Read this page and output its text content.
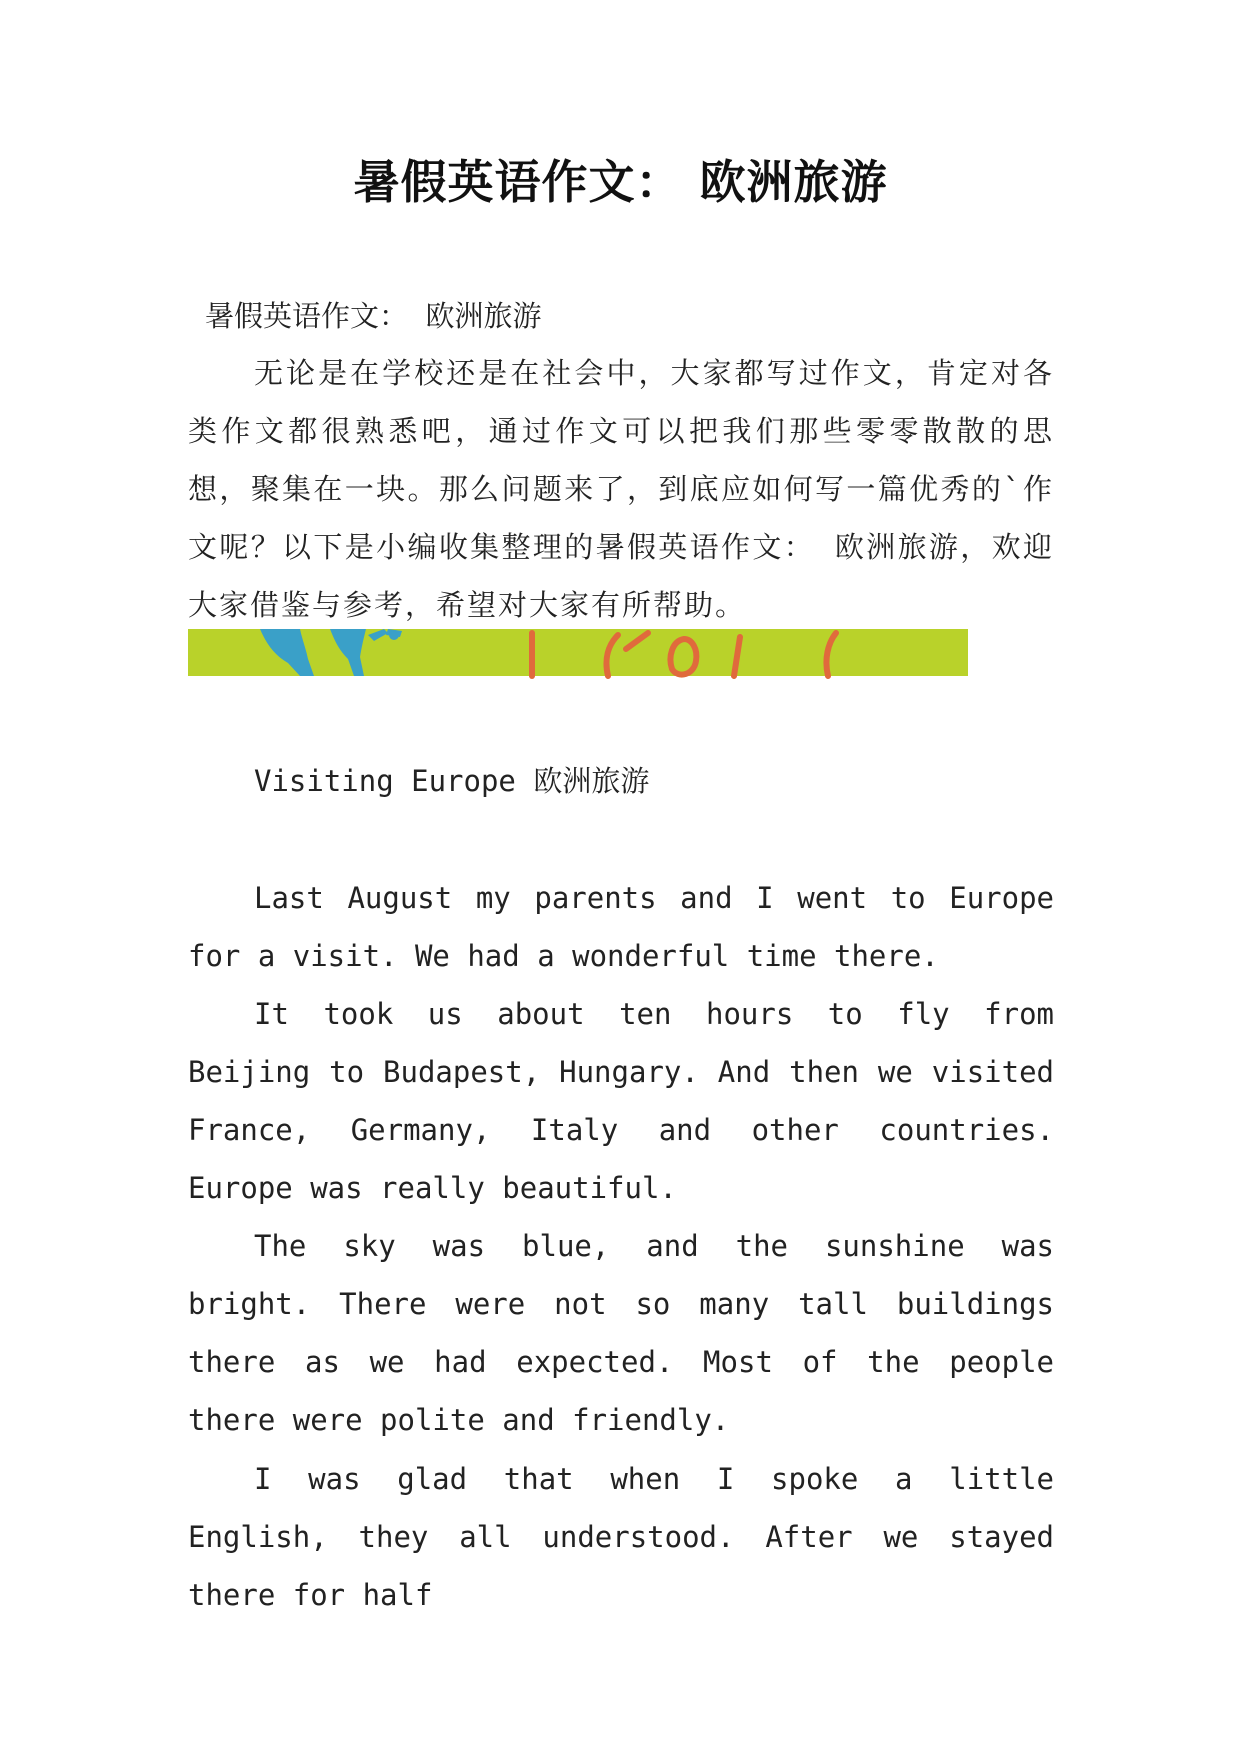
暑假英语作文： 欧洲旅游

暑假英语作文： 欧洲旅游

无论是在学校还是在社会中，大家都写过作文，肯定对各类作文都很熟悉吧，通过作文可以把我们那些零零散散的思想，聚集在一块。那么问题来了，到底应如何写一篇优秀的`作文呢？以下是小编收集整理的暑假英语作文： 欧洲旅游，欢迎大家借鉴与参考，希望对大家有所帮助。

Visiting Europe 欧洲旅游

Last August my parents and I went to Europe for a visit. We had a wonderful time there.

It took us about ten hours to fly from Beijing to Budapest, Hungary. And then we visited France, Germany, Italy and other countries. Europe was really beautiful.

The sky was blue, and the sunshine was bright. There were not so many tall buildings there as we had expected. Most of the people there were polite and friendly.

I was glad that when I spoke a little English, they all understood. After we stayed there for half
